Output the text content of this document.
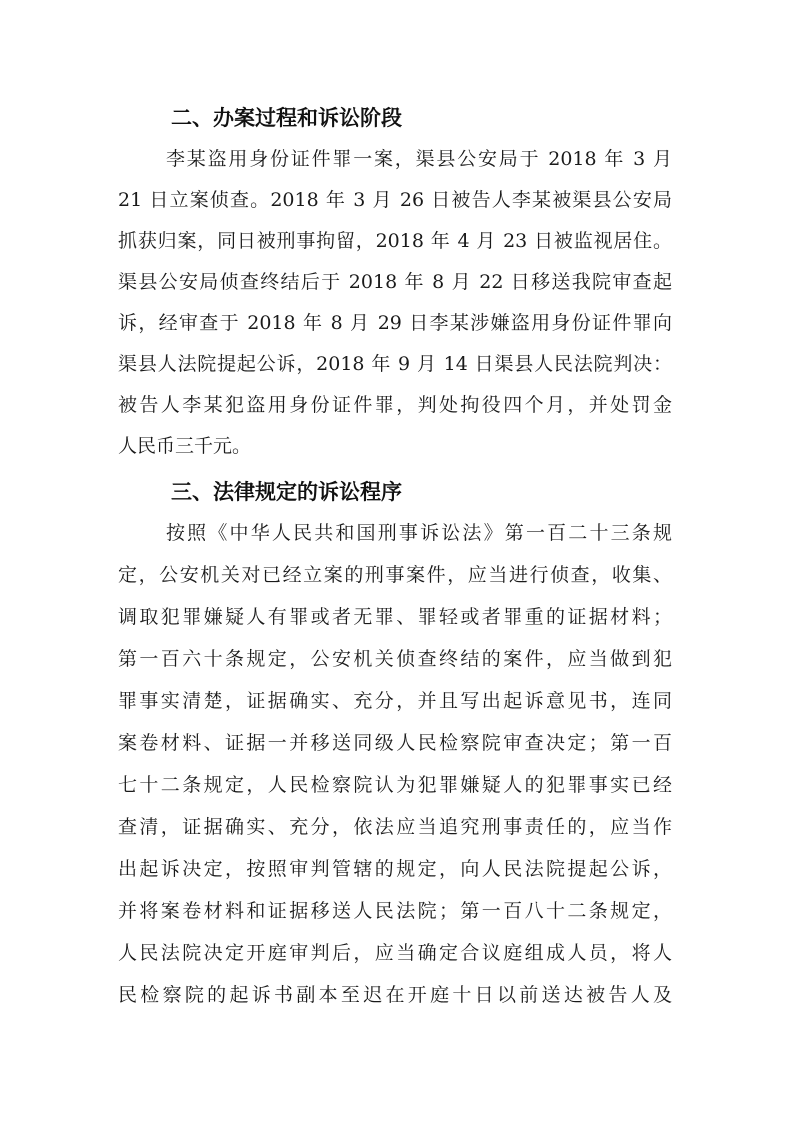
二、办案过程和诉讼阶段
李某盗用身份证件罪一案，渠县公安局于 2018 年 3 月
21 日立案侦查。2018 年 3 月 26 日被告人李某被渠县公安局
抓获归案，同日被刑事拘留，2018 年 4 月 23 日被监视居住。
渠县公安局侦查终结后于 2018 年 8 月 22 日移送我院审查起
诉，经审查于 2018 年 8 月 29 日李某涉嫌盗用身份证件罪向
渠县人法院提起公诉，2018 年 9 月 14 日渠县人民法院判决：
被告人李某犯盗用身份证件罪，判处拘役四个月，并处罚金
人民币三千元。
三、法律规定的诉讼程序
按照《中华人民共和国刑事诉讼法》第一百二十三条规
定，公安机关对已经立案的刑事案件，应当进行侦查，收集、
调取犯罪嫌疑人有罪或者无罪、罪轻或者罪重的证据材料；
第一百六十条规定，公安机关侦查终结的案件，应当做到犯
罪事实清楚，证据确实、充分，并且写出起诉意见书，连同
案卷材料、证据一并移送同级人民检察院审查决定；第一百
七十二条规定，人民检察院认为犯罪嫌疑人的犯罪事实已经
查清，证据确实、充分，依法应当追究刑事责任的，应当作
出起诉决定，按照审判管辖的规定，向人民法院提起公诉，
并将案卷材料和证据移送人民法院；第一百八十二条规定，
人民法院决定开庭审判后，应当确定合议庭组成人员，将人
民检察院的起诉书副本至迟在开庭十日以前送达被告人及
